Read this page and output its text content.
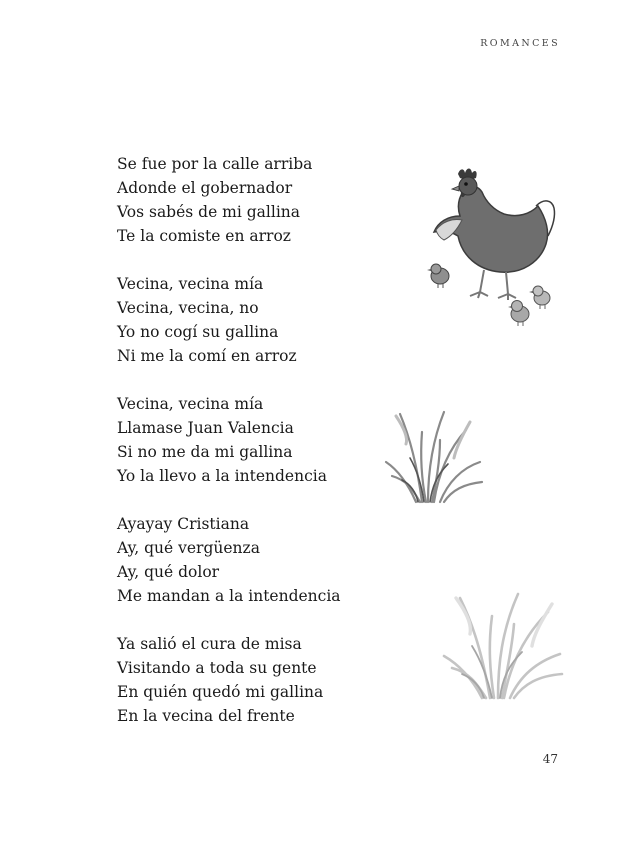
ROMANCES
Se fue por la calle arriba
Adonde el gobernador
Vos sabés de mi gallina
Te la comiste en arroz
Vecina, vecina mía
Vecina, vecina, no
Yo no cogí su gallina
Ni me la comí en arroz
Vecina, vecina mía
Llamase Juan Valencia
Si no me da mi gallina
Yo la llevo a la intendencia
Ayayay Cristiana
Ay, qué vergüenza
Ay, qué dolor
Me mandan a la intendencia
Ya salió el cura de misa
Visitando a toda su gente
En quién quedó mi gallina
En la vecina del frente
47
